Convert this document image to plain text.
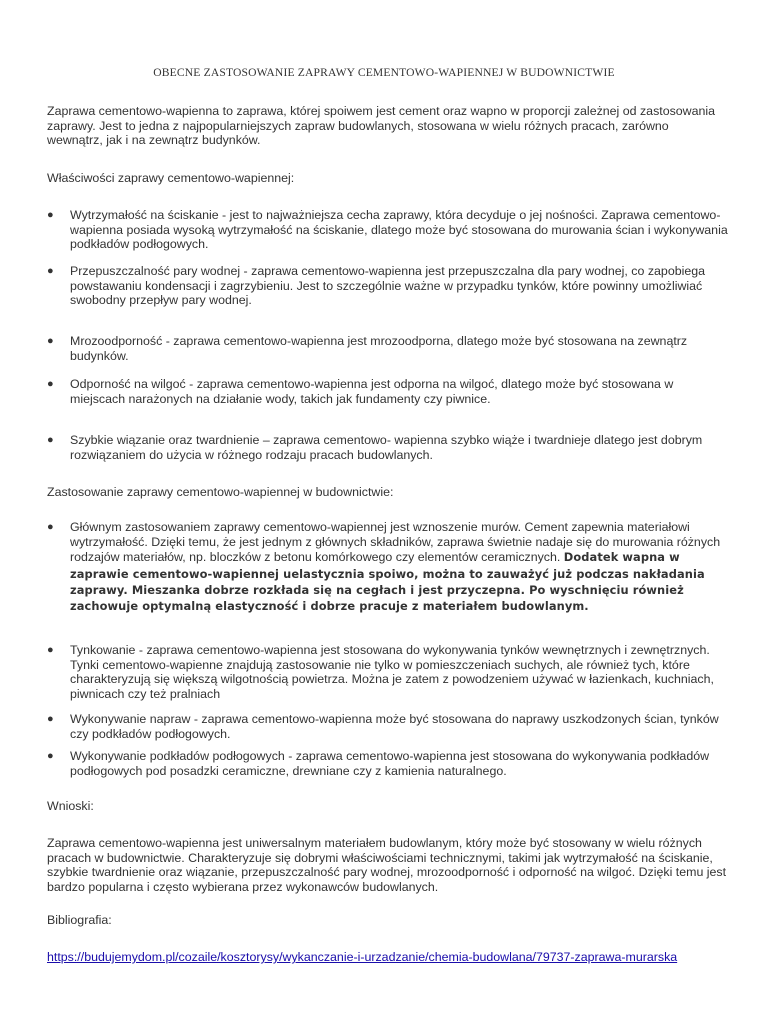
OBECNE ZASTOSOWANIE ZAPRAWY CEMENTOWO-WAPIENNEJ W BUDOWNICTWIE

Zaprawa cementowo-wapienna to zaprawa, której spoiwem jest cement oraz wapno w proporcji zależnej od zastosowania zaprawy. Jest to jedna z najpopularniejszych zapraw budowlanych, stosowana w wielu różnych pracach, zarówno wewnątrz, jak i na zewnątrz budynków.

Właściwości zaprawy cementowo-wapiennej:

● Wytrzymałość na ściskanie - jest to najważniejsza cecha zaprawy, która decyduje o jej nośności. Zaprawa cementowo-wapienna posiada wysoką wytrzymałość na ściskanie, dlatego może być stosowana do murowania ścian i wykonywania podkładów podłogowych.
● Przepuszczalność pary wodnej - zaprawa cementowo-wapienna jest przepuszczalna dla pary wodnej, co zapobiega powstawaniu kondensacji i zagrzybieniu. Jest to szczególnie ważne w przypadku tynków, które powinny umożliwiać swobodny przepływ pary wodnej.
● Mrozoodporność - zaprawa cementowo-wapienna jest mrozoodporna, dlatego może być stosowana na zewnątrz budynków.
● Odporność na wilgoć - zaprawa cementowo-wapienna jest odporna na wilgoć, dlatego może być stosowana w miejscach narażonych na działanie wody, takich jak fundamenty czy piwnice.
● Szybkie wiązanie oraz twardnienie – zaprawa cementowo- wapienna szybko wiąże i twardnieje dlatego jest dobrym rozwiązaniem do użycia w różnego rodzaju pracach budowlanych.

Zastosowanie zaprawy cementowo-wapiennej w budownictwie:

● Głównym zastosowaniem zaprawy cementowo-wapiennej jest wznoszenie murów. Cement zapewnia materiałowi wytrzymałość. Dzięki temu, że jest jednym z głównych składników, zaprawa świetnie nadaje się do murowania różnych rodzajów materiałów, np. bloczków z betonu komórkowego czy elementów ceramicznych. Dodatek wapna w zaprawie cementowo-wapiennej uelastycznia spoiwo, można to zauważyć już podczas nakładania zaprawy. Mieszanka dobrze rozkłada się na cegłach i jest przyczepna. Po wyschnięciu również zachowuje optymalną elastyczność i dobrze pracuje z materiałem budowlanym.
● Tynkowanie - zaprawa cementowo-wapienna jest stosowana do wykonywania tynków wewnętrznych i zewnętrznych. Tynki cementowo-wapienne znajdują zastosowanie nie tylko w pomieszczeniach suchych, ale również tych, które charakteryzują się większą wilgotnością powietrza. Można je zatem z powodzeniem używać w łazienkach, kuchniach, piwnicach czy też pralniach
● Wykonywanie napraw - zaprawa cementowo-wapienna może być stosowana do naprawy uszkodzonych ścian, tynków czy podkładów podłogowych.
● Wykonywanie podkładów podłogowych - zaprawa cementowo-wapienna jest stosowana do wykonywania podkładów podłogowych pod posadzki ceramiczne, drewniane czy z kamienia naturalnego.

Wnioski:

Zaprawa cementowo-wapienna jest uniwersalnym materiałem budowlanym, który może być stosowany w wielu różnych pracach w budownictwie. Charakteryzuje się dobrymi właściwościami technicznymi, takimi jak wytrzymałość na ściskanie, szybkie twardnienie oraz wiązanie, przepuszczalność pary wodnej, mrozoodporność i odporność na wilgoć. Dzięki temu jest bardzo popularna i często wybierana przez wykonawców budowlanych.

Bibliografia:

https://budujemydom.pl/cozaile/kosztorysy/wykanczanie-i-urzadzanie/chemia-budowlana/79737-zaprawa-murarska
